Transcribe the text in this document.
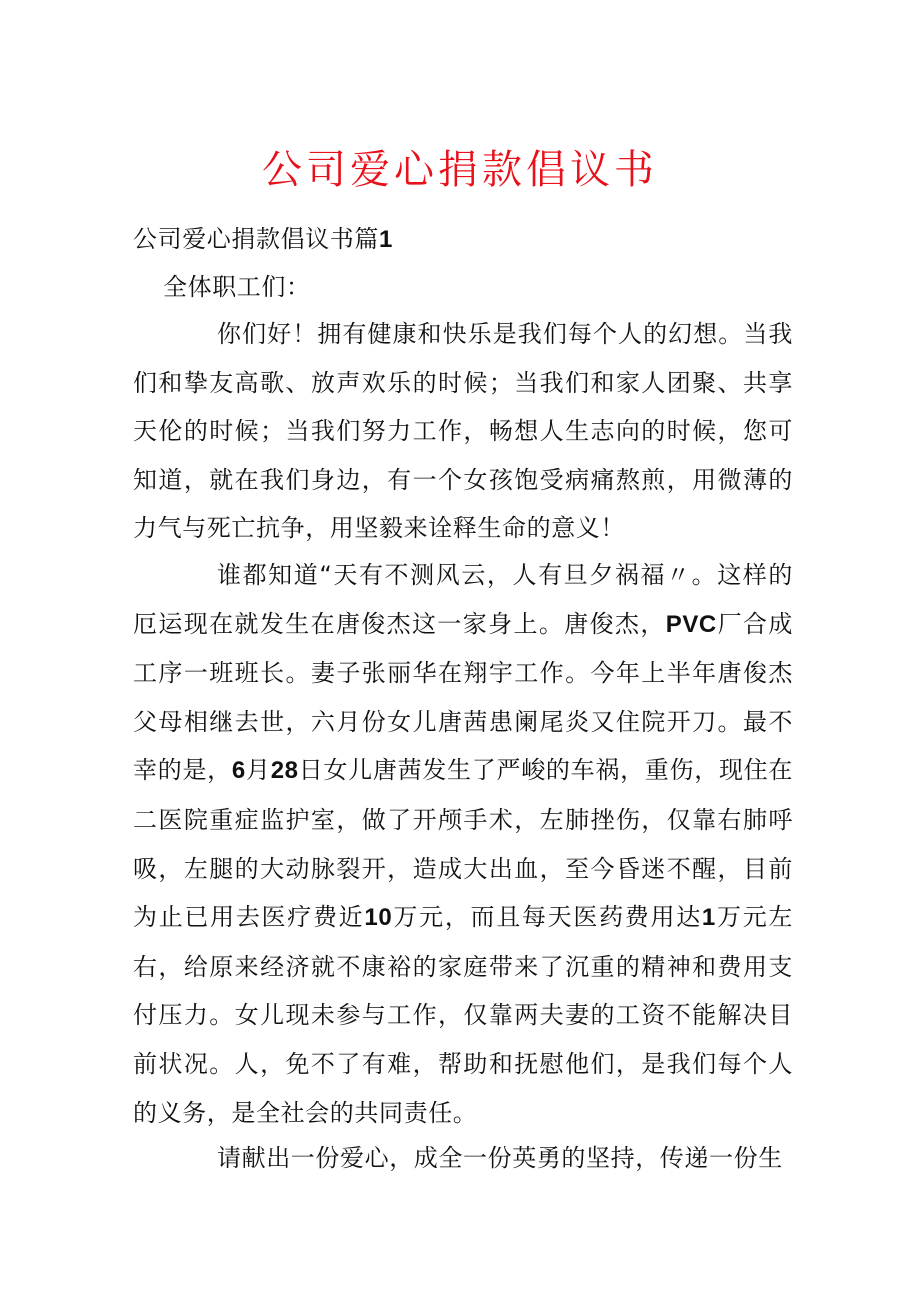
公司爱心捐款倡议书

公司爱心捐款倡议书篇1

全体职工们：

你们好！拥有健康和快乐是我们每个人的幻想。当我们和挚友高歌、放声欢乐的时候；当我们和家人团聚、共享天伦的时候；当我们努力工作，畅想人生志向的时候，您可知道，就在我们身边，有一个女孩饱受病痛熬煎，用微薄的力气与死亡抗争，用坚毅来诠释生命的意义！

谁都知道“天有不测风云，人有旦夕祸福〃。这样的厄运现在就发生在唐俊杰这一家身上。唐俊杰，PVC厂合成工序一班班长。妻子张丽华在翔宇工作。今年上半年唐俊杰父母相继去世，六月份女儿唐茜患阑尾炎又住院开刀。最不幸的是，6月28日女儿唐茜发生了严峻的车祸，重伤，现住在二医院重症监护室，做了开颅手术，左肺挫伤，仅靠右肺呼吸，左腿的大动脉裂开，造成大出血，至今昏迷不醒，目前为止已用去医疗费近10万元，而且每天医药费用达1万元左右，给原来经济就不康裕的家庭带来了沉重的精神和费用支付压力。女儿现未参与工作，仅靠两夫妻的工资不能解决目前状况。人，免不了有难，帮助和抚慰他们，是我们每个人的义务，是全社会的共同责任。

请献出一份爱心，成全一份英勇的坚持，传递一份生
